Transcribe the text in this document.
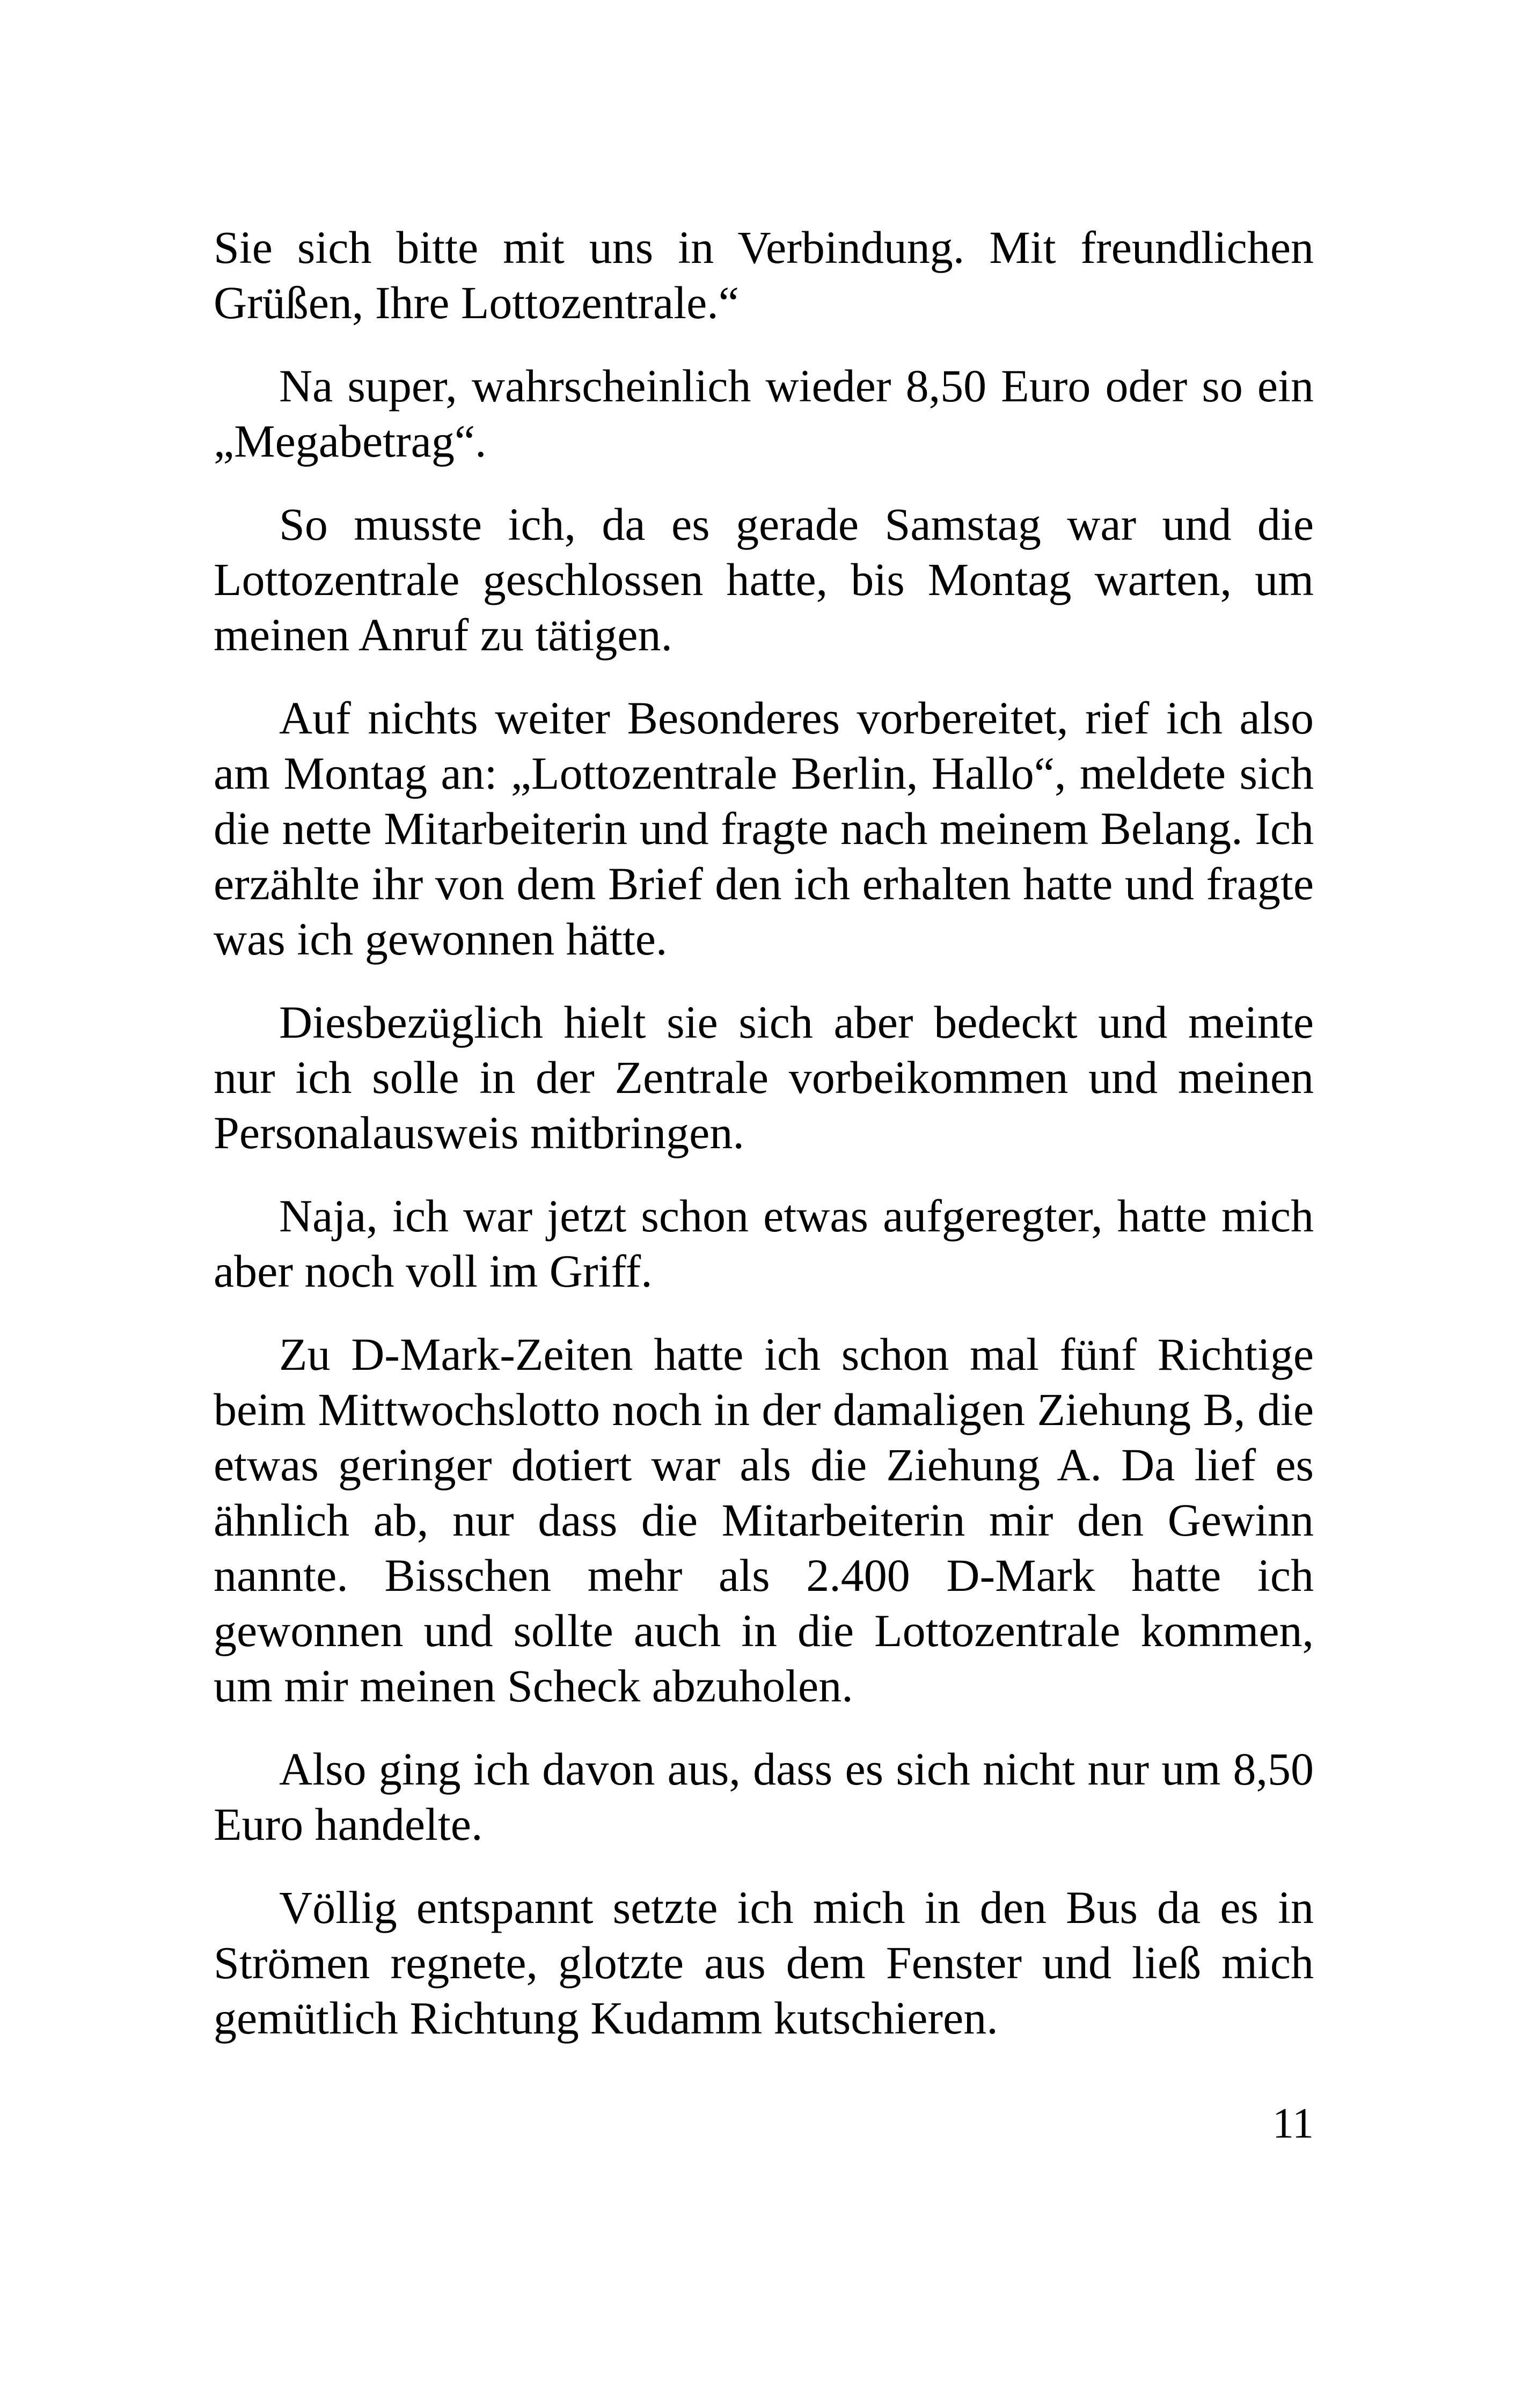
Sie sich bitte mit uns in Verbindung. Mit freundlichen Grüßen, Ihre Lottozentrale.“

Na super, wahrscheinlich wieder 8,50 Euro oder so ein „Megabetrag“.

So musste ich, da es gerade Samstag war und die Lottozentrale geschlossen hatte, bis Montag warten, um meinen Anruf zu tätigen.

Auf nichts weiter Besonderes vorbereitet, rief ich also am Montag an: „Lottozentrale Berlin, Hallo“, meldete sich die nette Mitarbeiterin und fragte nach meinem Belang. Ich erzählte ihr von dem Brief den ich erhalten hatte und fragte was ich gewonnen hätte.

Diesbezüglich hielt sie sich aber bedeckt und meinte nur ich solle in der Zentrale vorbeikommen und meinen Personalausweis mitbringen.

Naja, ich war jetzt schon etwas aufgeregter, hatte mich aber noch voll im Griff.

Zu D-Mark-Zeiten hatte ich schon mal fünf Richtige beim Mittwochslotto noch in der damaligen Ziehung B, die etwas geringer dotiert war als die Ziehung A. Da lief es ähnlich ab, nur dass die Mitarbeiterin mir den Gewinn nannte. Bisschen mehr als 2.400 D-Mark hatte ich gewonnen und sollte auch in die Lottozentrale kommen, um mir meinen Scheck abzuholen.

Also ging ich davon aus, dass es sich nicht nur um 8,50 Euro handelte.

Völlig entspannt setzte ich mich in den Bus da es in Strömen regnete, glotzte aus dem Fenster und ließ mich gemütlich Richtung Kudamm kutschieren.

11
